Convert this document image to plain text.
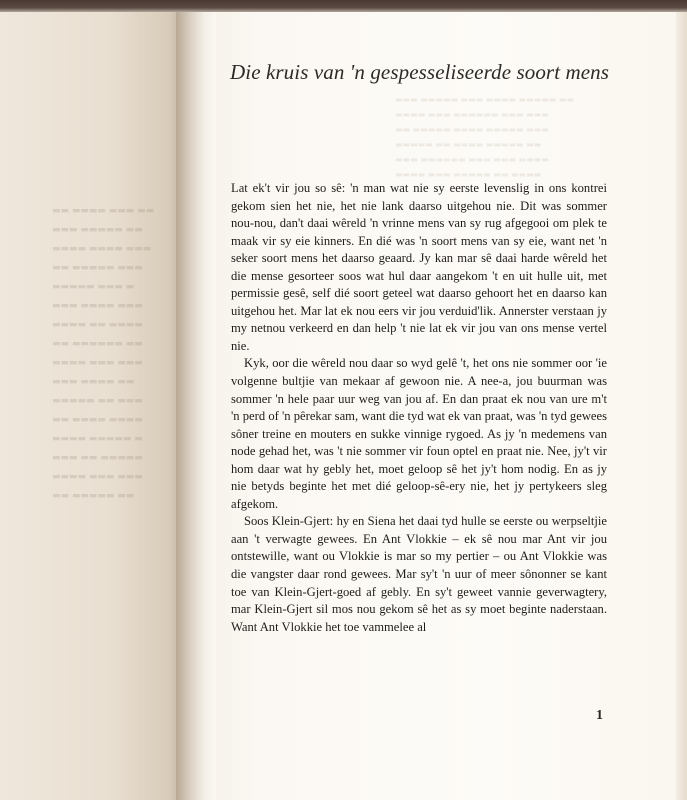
▬▬ ▬▬▬▬ ▬▬▬ ▬▬
▬▬▬ ▬▬▬▬▬ ▬▬
▬▬▬▬ ▬▬▬▬ ▬▬▬
▬▬ ▬▬▬▬▬ ▬▬▬
▬▬▬▬▬ ▬▬▬ ▬
▬▬▬ ▬▬▬▬ ▬▬▬
▬▬▬▬ ▬▬ ▬▬▬▬
▬▬ ▬▬▬▬▬▬ ▬▬
▬▬▬▬ ▬▬▬ ▬▬▬
▬▬▬ ▬▬▬▬ ▬▬
▬▬▬▬▬ ▬▬ ▬▬▬
▬▬ ▬▬▬▬ ▬▬▬▬
▬▬▬▬ ▬▬▬▬▬ ▬
▬▬▬ ▬▬ ▬▬▬▬▬
▬▬▬▬ ▬▬▬ ▬▬▬
▬▬ ▬▬▬▬▬ ▬▬
▬▬▬ ▬▬▬▬▬ ▬▬▬ ▬▬▬▬ ▬▬▬▬▬ ▬▬
▬▬▬▬ ▬▬▬ ▬▬▬▬▬▬ ▬▬▬ ▬▬▬
▬▬ ▬▬▬▬▬ ▬▬▬▬ ▬▬▬▬▬ ▬▬▬
▬▬▬▬▬ ▬▬ ▬▬▬▬ ▬▬▬▬▬ ▬▬
▬▬▬ ▬▬▬▬▬▬ ▬▬▬ ▬▬▬ ▬▬▬▬
▬▬▬▬ ▬▬▬ ▬▬▬▬▬ ▬▬ ▬▬▬▬
Die kruis van 'n gespesseliseerde soort mens

Lat ek't vir jou so sê: 'n man wat nie sy eerste levenslig in ons kontrei gekom sien het nie, het nie lank daarso uitgehou nie. Dit was sommer nou-nou, dan't daai wêreld 'n vrinne mens van sy rug afgegooi om plek te maak vir sy eie kinners. En dié was 'n soort mens van sy eie, want net 'n seker soort mens het daarso geaard. Jy kan mar sê daai harde wêreld het die mense gesorteer soos wat hul daar aangekom 't en uit hulle uit, met permissie gesê, self dié soort geteel wat daarso gehoort het en daarso kan uitgehou het. Mar lat ek nou eers vir jou verduid'lik. Annerster verstaan jy my netnou verkeerd en dan help 't nie lat ek vir jou van ons mense vertel nie.

Kyk, oor die wêreld nou daar so wyd gelê 't, het ons nie sommer oor 'ie volgenne bultjie van mekaar af gewoon nie. A nee-a, jou buurman was sommer 'n hele paar uur weg van jou af. En dan praat ek nou van ure m't 'n perd of 'n pêrekar sam, want die tyd wat ek van praat, was 'n tyd gewees sôner treine en mouters en sukke vinnige rygoed. As jy 'n medemens van node gehad het, was 't nie sommer vir foun optel en praat nie. Nee, jy't vir hom daar wat hy gebly het, moet geloop sê het jy't hom nodig. En as jy nie betyds beginte het met dié geloop-sê-ery nie, het jy pertykeers sleg afgekom.

Soos Klein-Gjert: hy en Siena het daai tyd hulle se eerste ou werpseltjie aan 't verwagte gewees. En Ant Vlokkie – ek sê nou mar Ant vir jou ontstewille, want ou Vlokkie is mar so my pertier – ou Ant Vlokkie was die vangster daar rond gewees. Mar sy't 'n uur of meer sônonner se kant toe van Klein-Gjert-goed af gebly. En sy't geweet vannie geverwagtery, mar Klein-Gjert sil mos nou gekom sê het as sy moet beginte naderstaan. Want Ant Vlokkie het toe vammelee al

1
